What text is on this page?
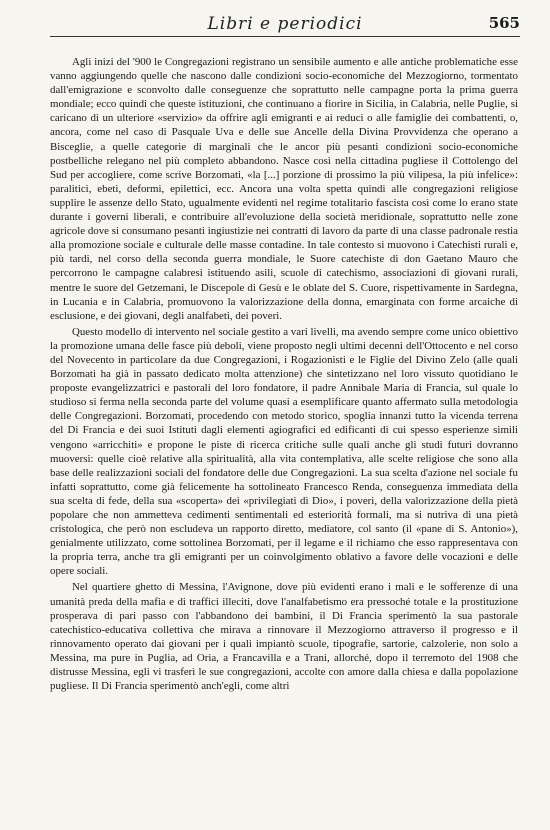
Libri e periodici	565

Agli inizi del '900 le Congregazioni registrano un sensibile aumento e alle antiche problematiche esse vanno aggiungendo quelle che nascono dalle condizioni socio-economiche del Mezzogiorno, tormentato dall'emigrazione e sconvolto dalle conseguenze che soprattutto nelle campagne porta la prima guerra mondiale; ecco quindi che queste istituzioni, che continuano a fiorire in Sicilia, in Calabria, nelle Puglie, si caricano di un ulteriore «servizio» da offrire agli emigranti e ai reduci o alle famiglie dei combattenti, o, ancora, come nel caso di Pasquale Uva e delle sue Ancelle della Divina Provvidenza che operano a Bisceglie, a quelle categorie di marginali che le ancor più pesanti condizioni socio-economiche postbelliche relegano nel più completo abbandono. Nasce così nella cittadina pugliese il Cottolengo del Sud per accogliere, come scrive Borzomati, «la [...] porzione di prossimo la più vilipesa, la più infelice»: paralitici, ebeti, deformi, epilettici, ecc. Ancora una volta spetta quindi alle congregazioni religiose supplire le assenze dello Stato, ugualmente evidenti nel regime totalitario fascista così come lo erano state durante i governi liberali, e contribuire all'evoluzione della società meridionale, soprattutto nelle zone agricole dove si consumano pesanti ingiustizie nei contratti di lavoro da parte di una classe padronale restia alla promozione sociale e culturale delle masse contadine. In tale contesto si muovono i Catechisti rurali e, più tardi, nel corso della seconda guerra mondiale, le Suore catechiste di don Gaetano Mauro che percorrono le campagne calabresi istituendo asili, scuole di catechismo, associazioni di giovani rurali, mentre le suore del Getzemani, le Discepole di Gesù e le oblate del S. Cuore, rispettivamente in Sardegna, in Lucania e in Calabria, promuovono la valorizzazione della donna, emarginata con forme arcaiche di esclusione, e dei giovani, degli analfabeti, dei poveri.

Questo modello di intervento nel sociale gestito a vari livelli, ma avendo sempre come unico obiettivo la promozione umana delle fasce più deboli, viene proposto negli ultimi decenni dell'Ottocento e nel corso del Novecento in particolare da due Congregazioni, i Rogazionisti e le Figlie del Divino Zelo (alle quali Borzomati ha già in passato dedicato molta attenzione) che sintetizzano nel loro vissuto quotidiano le proposte evangelizzatrici e pastorali del loro fondatore, il padre Annibale Maria di Francia, sul quale lo studioso si ferma nella seconda parte del volume quasi a esemplificare quanto affermato sulla metodologia delle Congregazioni. Borzomati, procedendo con metodo storico, spoglia innanzi tutto la vicenda terrena del Di Francia e dei suoi Istituti dagli elementi agiografici ed edificanti di cui spesso esperienze simili vengono «arricchiti» e propone le piste di ricerca critiche sulle quali anche gli studi futuri dovranno muoversi: quelle cioè relative alla spiritualità, alla vita contemplativa, alle scelte religiose che sono alla base delle realizzazioni sociali del fondatore delle due Congregazioni. La sua scelta d'azione nel sociale fu infatti soprattutto, come già felicemente ha sottolineato Francesco Renda, conseguenza immediata della sua scelta di fede, della sua «scoperta» dei «privilegiati di Dio», i poveri, della valorizzazione della pietà popolare che non ammetteva cedimenti sentimentali ed esteriorità formali, ma si nutriva di una pietà cristologica, che però non escludeva un rapporto diretto, mediatore, col santo (il «pane di S. Antonio»), genialmente utilizzato, come sottolinea Borzomati, per il legame e il richiamo che esso rappresentava con la propria terra, anche tra gli emigranti per un coinvolgimento oblativo a favore delle vocazioni e delle opere sociali.

Nel quartiere ghetto di Messina, l'Avignone, dove più evidenti erano i mali e le sofferenze di una umanità preda della mafia e di traffici illeciti, dove l'analfabetismo era pressoché totale e la prostituzione prosperava di pari passo con l'abbandono dei bambini, il Di Francia sperimentò la sua pastorale catechistico-educativa collettiva che mirava a rinnovare il Mezzogiorno attraverso il progresso e il rinnovamento operato dai giovani per i quali impiantò scuole, tipografie, sartorie, calzolerie, non solo a Messina, ma pure in Puglia, ad Oria, a Francavilla e a Trani, allorché, dopo il terremoto del 1908 che distrusse Messina, egli vi trasferì le sue congregazioni, accolte con amore dalla chiesa e dalla popolazione pugliese. Il Di Francia sperimentò anch'egli, come altri
